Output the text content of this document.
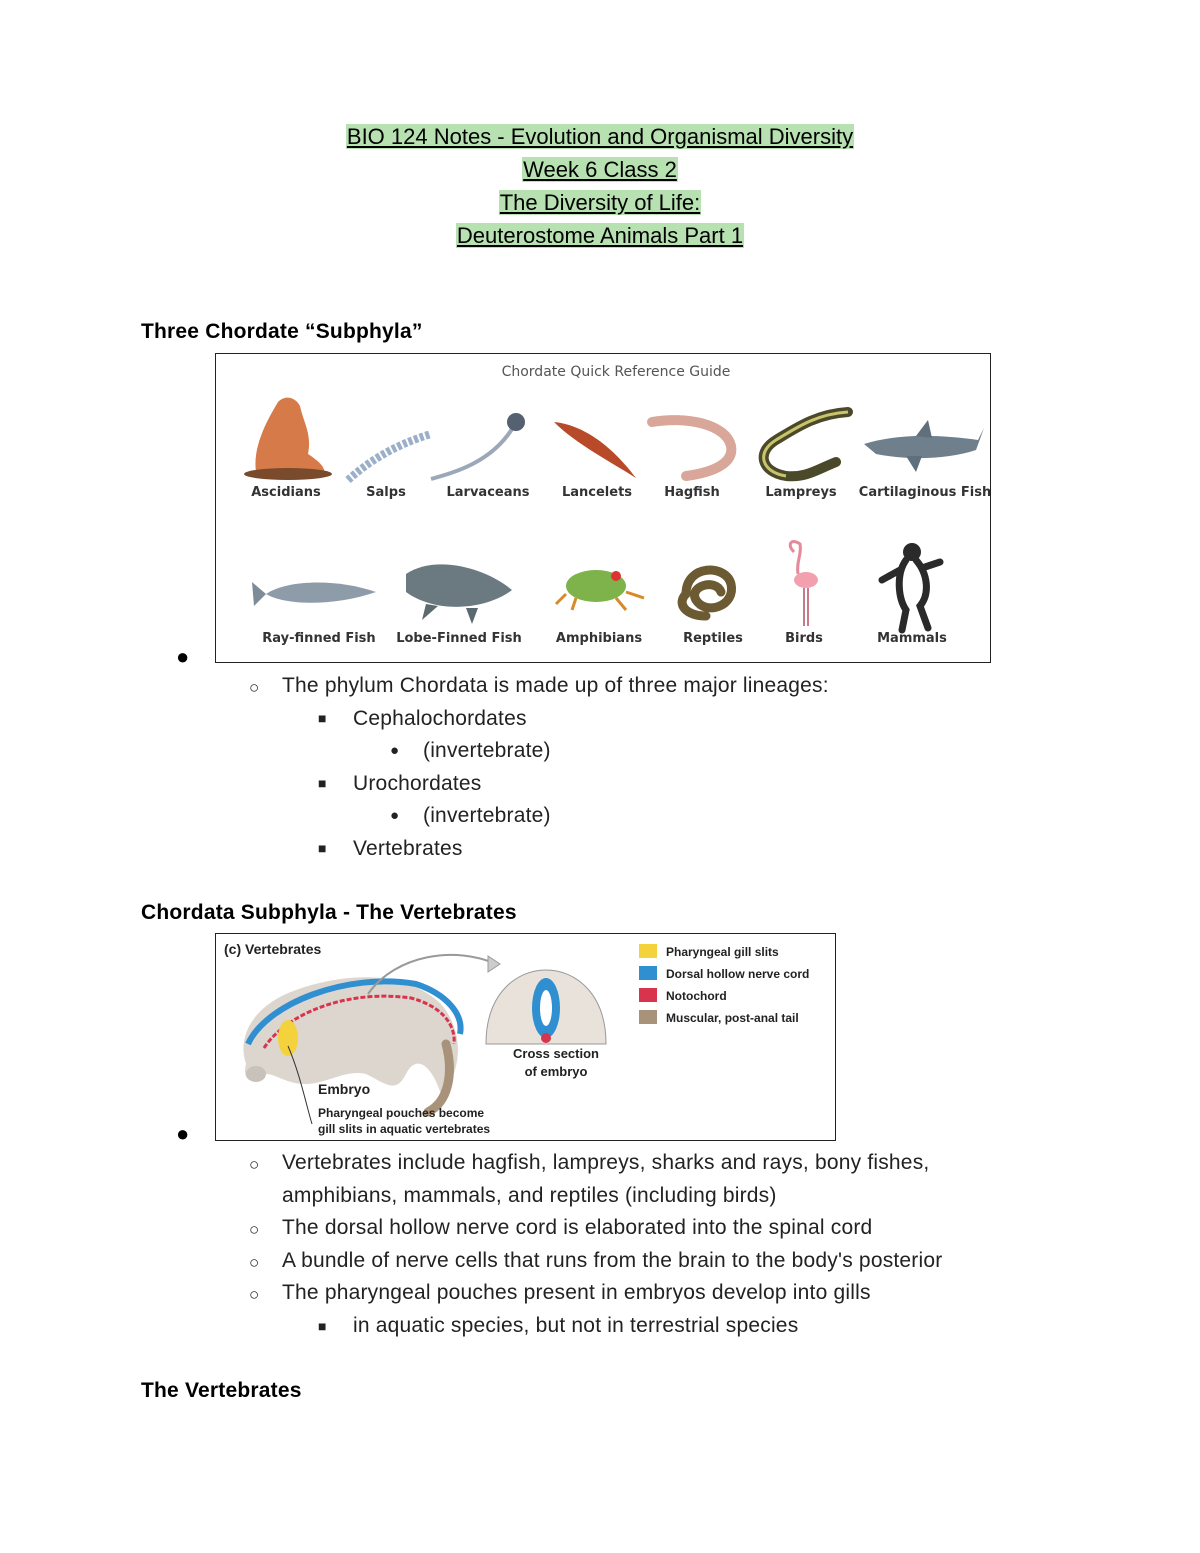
BIO 124 Notes - Evolution and Organismal Diversity
Week 6 Class 2
The Diversity of Life:
Deuterostome Animals Part 1
Three Chordate “Subphyla”
●
Chordate Quick Reference Guide
Ascidians	Salps	Larvaceans Lancelets Hagfish	Lampreys Cartilaginous Fish
Ray-finned Fish Lobe-Finned Fish	Amphibians	Reptiles	Birds	Mammals
○ The phylum Chordata is made up of three major lineages:
■ Cephalochordates
● (invertebrate)
■ Urochordates
● (invertebrate)
■ Vertebrates
Chordata Subphyla - The Vertebrates
●
(c) Vertebrates
Cross section
of embryo
Embryo
Pharyngeal pouches become
gill slits in aquatic vertebrates
Pharyngeal gill slits
Dorsal hollow nerve cord
Notochord
Muscular, post-anal tail
○ Vertebrates include hagfish, lampreys, sharks and rays, bony fishes,
amphibians, mammals, and reptiles (including birds)
○ The dorsal hollow nerve cord is elaborated into the spinal cord
○ A bundle of nerve cells that runs from the brain to the body's posterior
○ The pharyngeal pouches present in embryos develop into gills
■ in aquatic species, but not in terrestrial species
The Vertebrates
